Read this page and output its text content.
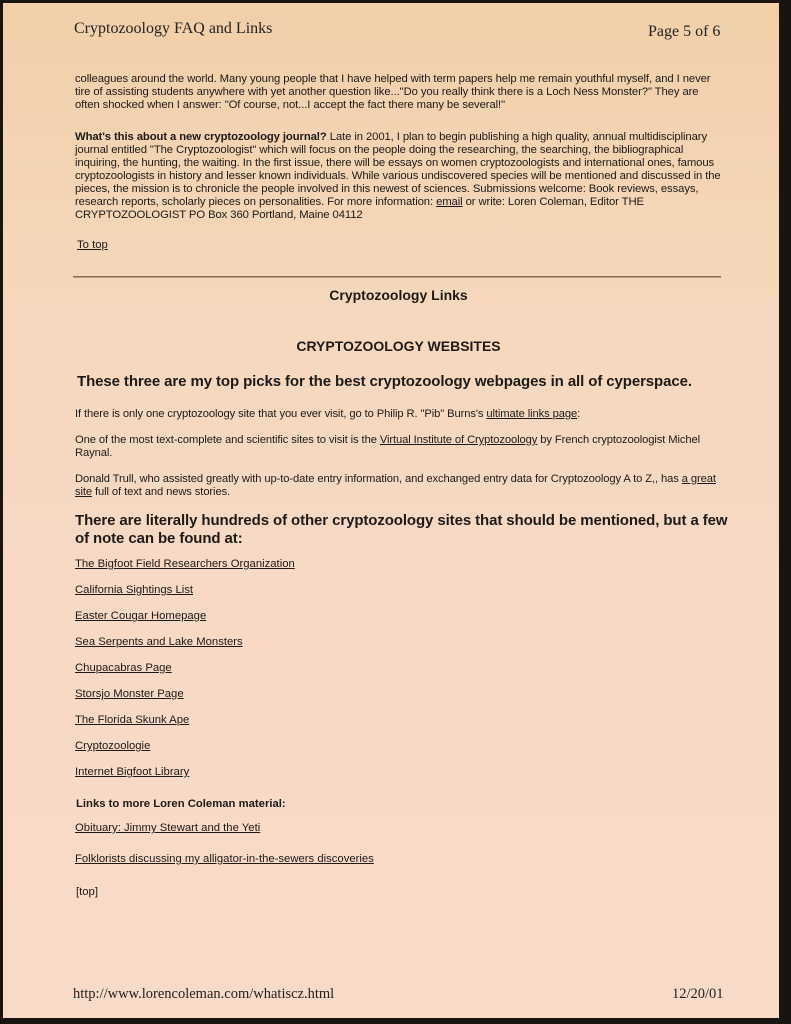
Cryptozoology FAQ and Links	Page 5 of 6

colleagues around the world. Many young people that I have helped with term papers help me remain youthful myself, and I never tire of assisting students anywhere with yet another question like..."Do you really think there is a Loch Ness Monster?" They are often shocked when I answer: "Of course, not...I accept the fact there many be several!"

What's this about a new cryptozoology journal? Late in 2001, I plan to begin publishing a high quality, annual multidisciplinary journal entitled "The Cryptozoologist" which will focus on the people doing the researching, the searching, the bibliographical inquiring, the hunting, the waiting. In the first issue, there will be essays on women cryptozoologists and international ones, famous cryptozoologists in history and lesser known individuals. While various undiscovered species will be mentioned and discussed in the pieces, the mission is to chronicle the people involved in this newest of sciences. Submissions welcome: Book reviews, essays, research reports, scholarly pieces on personalities. For more information: email or write: Loren Coleman, Editor THE CRYPTOZOOLOGIST PO Box 360 Portland, Maine 04112

To top
Cryptozoology Links
CRYPTOZOOLOGY WEBSITES
These three are my top picks for the best cryptozoology webpages in all of cyperspace.

If there is only one cryptozoology site that you ever visit, go to Philip R. "Pib" Burns's ultimate links page:

One of the most text-complete and scientific sites to visit is the Virtual Institute of Cryptozoology by French cryptozoologist Michel Raynal.

Donald Trull, who assisted greatly with up-to-date entry information, and exchanged entry data for Cryptozoology A to Z,, has a great site full of text and news stories.

There are literally hundreds of other cryptozoology sites that should be mentioned, but a few of note can be found at:
The Bigfoot Field Researchers Organization
California Sightings List
Easter Cougar Homepage
Sea Serpents and Lake Monsters
Chupacabras Page
Storsjo Monster Page
The Florida Skunk Ape
Cryptozoologie
Internet Bigfoot Library
Links to more Loren Coleman material:
Obituary: Jimmy Stewart and the Yeti
Folklorists discussing my alligator-in-the-sewers discoveries
[top]
http://www.lorencoleman.com/whatiscz.html	12/20/01
